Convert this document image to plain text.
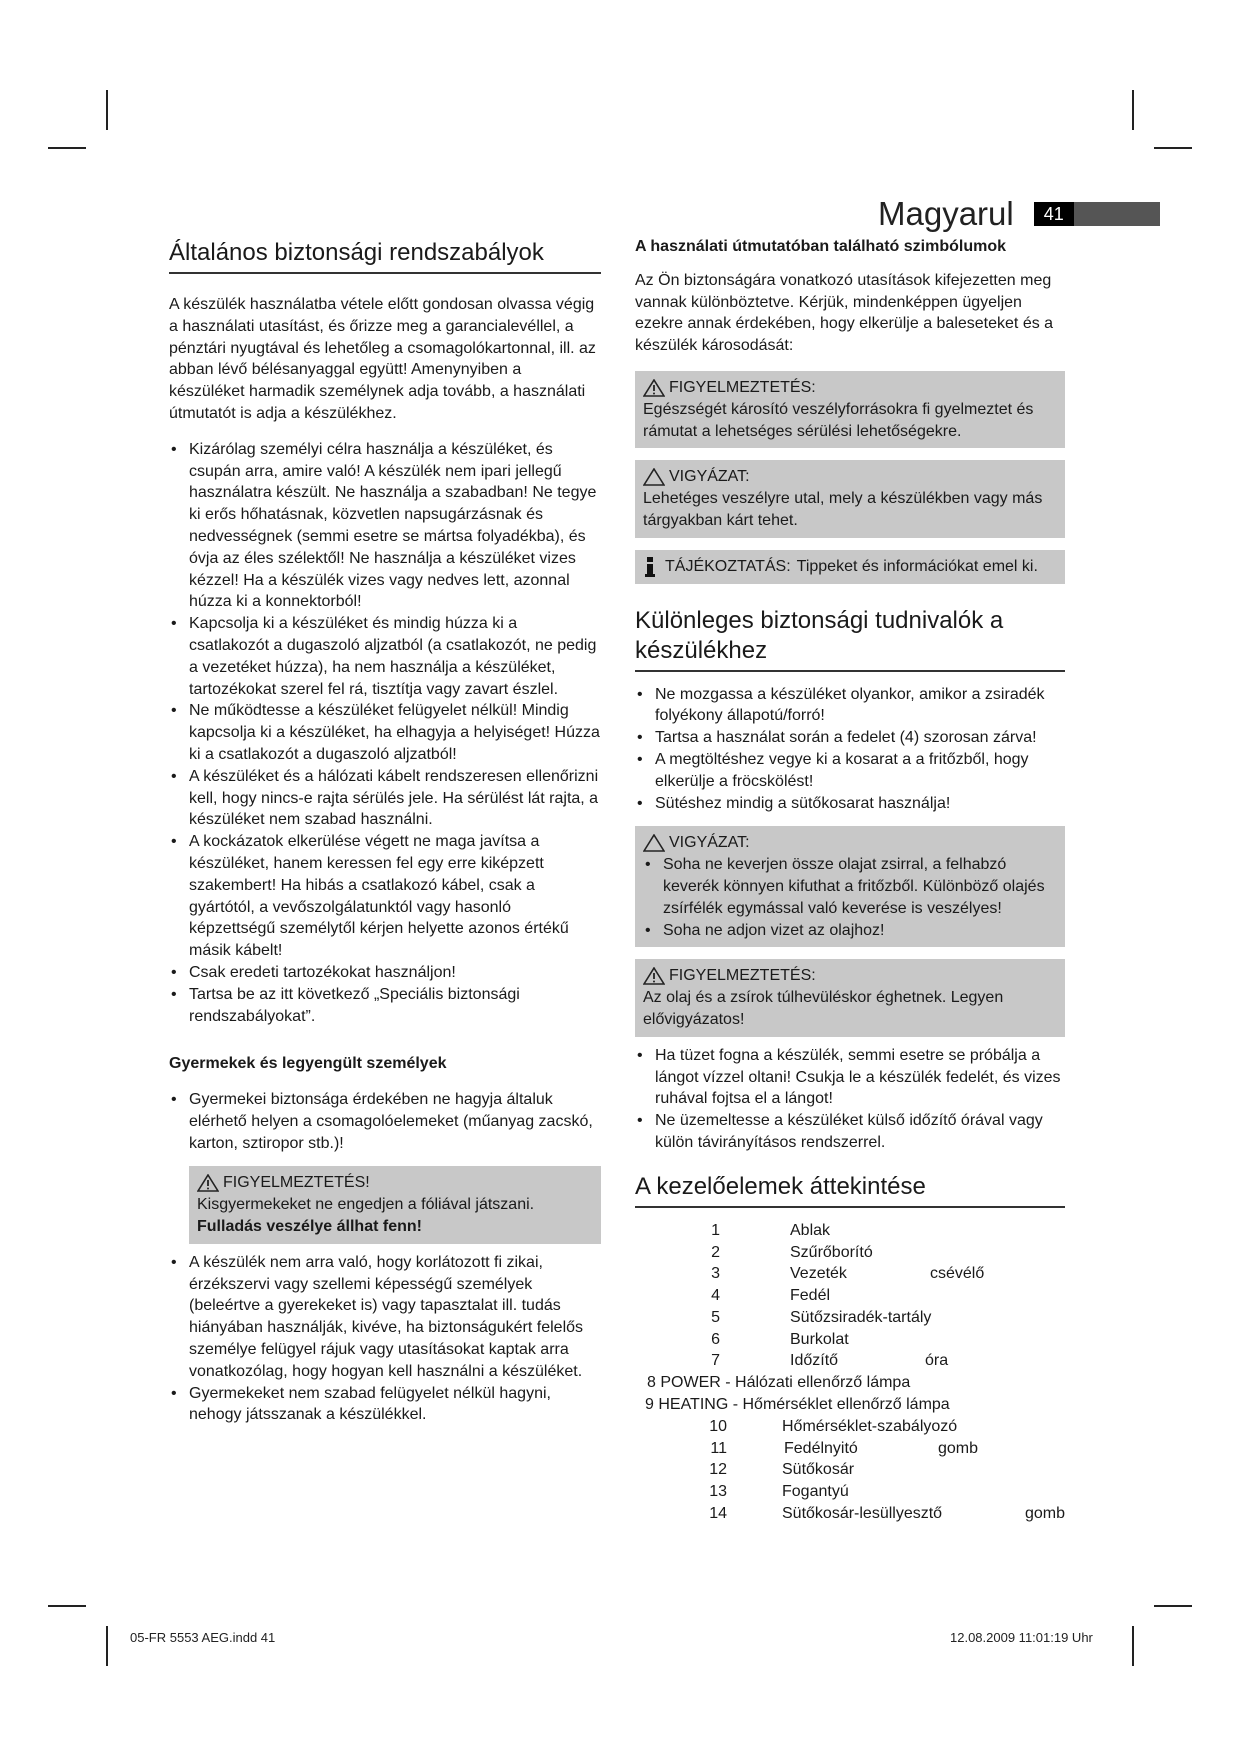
Magyarul	41
Általános biztonsági rendszabályok

A készülék használatba vétele előtt gondosan olvassa végig a használati utasítást, és őrizze meg a garancialevéllel, a pénztári nyugtával és lehetőleg a csomagolókartonnal, ill. az abban lévő bélésanyaggal együtt! Amenynyiben a készüléket harmadik személynek adja tovább, a használati útmutatót is adja a készülékhez.

• Kizárólag személyi célra használja a készüléket, és csupán arra, amire való! A készülék nem ipari jellegű használatra készült. Ne használja a szabadban! Ne tegye ki erős hőhatásnak, közvetlen napsugárzásnak és nedvességnek (semmi esetre se mártsa folyadékba), és óvja az éles szélektől! Ne használja a készüléket vizes kézzel! Ha a készülék vizes vagy nedves lett, azonnal húzza ki a konnektorból!
• Kapcsolja ki a készüléket és mindig húzza ki a csatlakozót a dugaszoló aljzatból (a csatlakozót, ne pedig a vezetéket húzza), ha nem használja a készüléket, tartozékokat szerel fel rá, tisztítja vagy zavart észlel.
• Ne működtesse a készüléket felügyelet nélkül! Mindig kapcsolja ki a készüléket, ha elhagyja a helyiséget! Húzza ki a csatlakozót a dugaszoló aljzatból!
• A készüléket és a hálózati kábelt rendszeresen ellenőrizni kell, hogy nincs-e rajta sérülés jele. Ha sérülést lát rajta, a készüléket nem szabad használni.
• A kockázatok elkerülése végett ne maga javítsa a készüléket, hanem keressen fel egy erre kiképzett szakembert! Ha hibás a csatlakozó kábel, csak a gyártótól, a vevőszolgálatunktól vagy hasonló képzettségű személytől kérjen helyette azonos értékű másik kábelt!
• Csak eredeti tartozékokat használjon!
• Tartsa be az itt következő „Speciális biztonsági rendszabályokat”.
Gyermekek és legyengült személyek
• Gyermekei biztonsága érdekében ne hagyja általuk elérhető helyen a csomagolóelemeket (műanyag zacskó, karton, sztiropor stb.)!
FIGYELMEZTETÉS!
Kisgyermekeket ne engedjen a fóliával játszani.
Fulladás veszélye állhat fenn!
• A készülék nem arra való, hogy korlátozott fi zikai, érzékszervi vagy szellemi képességű személyek (beleértve a gyerekeket is) vagy tapasztalat ill. tudás hiányában használják, kivéve, ha biztonságukért felelős személye felügyel rájuk vagy utasításokat kaptak arra vonatkozólag, hogy hogyan kell használni a készüléket.
• Gyermekeket nem szabad felügyelet nélkül hagyni, nehogy játsszanak a készülékkel.
A használati útmutatóban található szimbólumok

Az Ön biztonságára vonatkozó utasítások kifejezetten meg vannak különböztetve. Kérjük, mindenképpen ügyeljen ezekre annak érdekében, hogy elkerülje a baleseteket és a készülék károsodását:

FIGYELMEZTETÉS:
Egészségét károsító veszélyforrásokra fi gyelmeztet és rámutat a lehetséges sérülési lehetőségekre.
VIGYÁZAT:
Lehetéges veszélyre utal, mely a készülékben vagy más tárgyakban kárt tehet.
TÁJÉKOZTATÁS: Tippeket és információkat emel ki.
Különleges biztonsági tudnivalók a készülékhez
• Ne mozgassa a készüléket olyankor, amikor a zsiradék folyékony állapotú/forró!
• Tartsa a használat során a fedelet (4) szorosan zárva!
• A megtöltéshez vegye ki a kosarat a a fritőzből, hogy elkerülje a fröcskölést!
• Sütéshez mindig a sütőkosarat használja!
VIGYÁZAT:
• Soha ne keverjen össze olajat zsirral, a felhabzó keverék könnyen kifuthat a fritőzből. Különböző olajés zsírfélék egymással való keverése is veszélyes!
• Soha ne adjon vizet az olajhoz!
FIGYELMEZTETÉS:
Az olaj és a zsírok túlhevüléskor éghetnek. Legyen elővigyázatos!
• Ha tüzet fogna a készülék, semmi esetre se próbálja a lángot vízzel oltani! Csukja le a készülék fedelét, és vizes ruhával fojtsa el a lángot!
• Ne üzemeltesse a készüléket külső időzítő órával vagy külön távirányításos rendszerrel.
A kezelőelemek áttekintése
1	Ablak
2	Szűrőborító
3	Vezeték	csévélő
4	Fedél
5	Sütőzsiradék-tartály
6	Burkolat
7	Időzítő	óra
8 POWER - Hálózati ellenőrző lámpa
9 HEATING - Hőmérséklet ellenőrző lámpa
10	Hőmérséklet-szabályozó
11	Fedélnyitó	gomb
12	Sütőkosár
13	Fogantyú
14	Sütőkosár-lesüllyesztő	gomb
05-FR 5553 AEG.indd 41	12.08.2009 11:01:19 Uhr
